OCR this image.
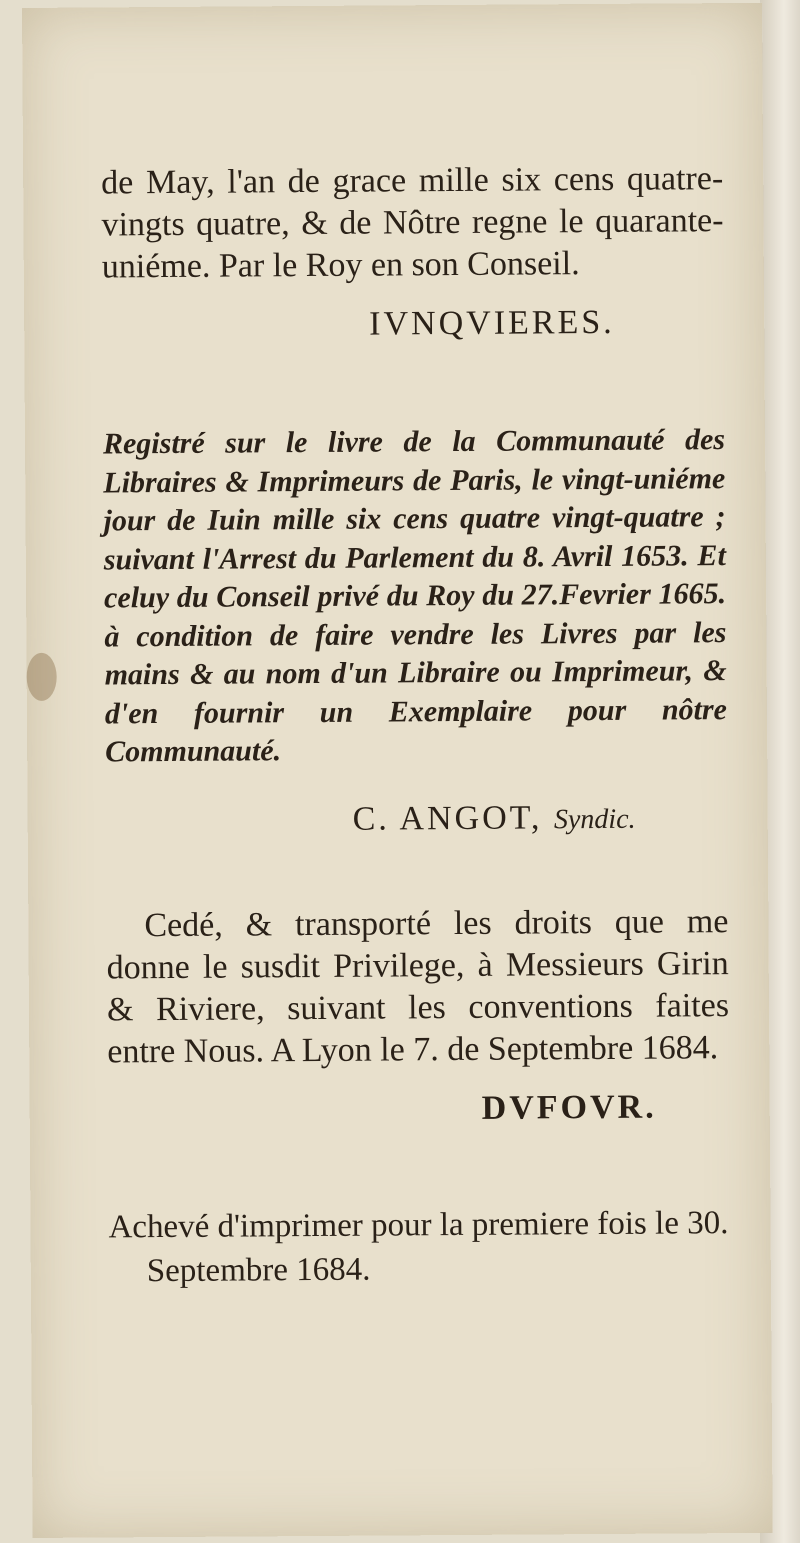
de May, l'an de grace mille six cens quatre-vingts quatre, & de Nôtre regne le quarante-uniéme. Par le Roy en son Conseil.
IVNQVIERES.
Registré sur le livre de la Communauté des Libraires & Imprimeurs de Paris, le vingt-uniéme jour de Iuin mille six cens quatre vingt-quatre ; suivant l'Arrest du Parlement du 8. Avril 1653. Et celuy du Conseil privé du Roy du 27.Fevrier 1665. à condition de faire vendre les Livres par les mains & au nom d'un Libraire ou Imprimeur, & d'en fournir un Exemplaire pour nôtre Communauté.
C. ANGOT, Syndic.
Cedé, & transporté les droits que me donne le susdit Privilege, à Messieurs Girin & Riviere, suivant les conventions faites entre Nous. A Lyon le 7. de Septembre 1684.
DVFOVR.
Achevé d'imprimer pour la premiere fois le 30. Septembre 1684.
